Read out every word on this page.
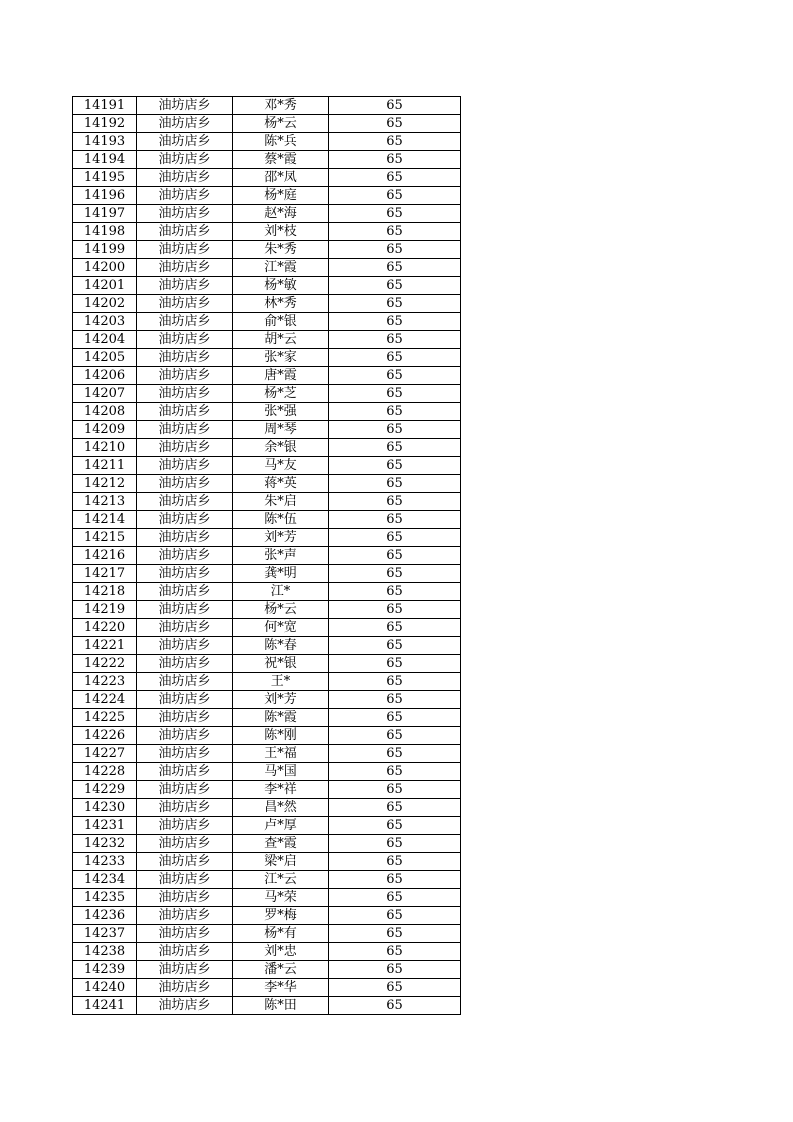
14191	油坊店乡	邓*秀	65
14192	油坊店乡	杨*云	65
14193	油坊店乡	陈*兵	65
14194	油坊店乡	蔡*霞	65
14195	油坊店乡	邵*凤	65
14196	油坊店乡	杨*庭	65
14197	油坊店乡	赵*海	65
14198	油坊店乡	刘*枝	65
14199	油坊店乡	朱*秀	65
14200	油坊店乡	江*霞	65
14201	油坊店乡	杨*敏	65
14202	油坊店乡	林*秀	65
14203	油坊店乡	俞*银	65
14204	油坊店乡	胡*云	65
14205	油坊店乡	张*家	65
14206	油坊店乡	唐*霞	65
14207	油坊店乡	杨*芝	65
14208	油坊店乡	张*强	65
14209	油坊店乡	周*琴	65
14210	油坊店乡	余*银	65
14211	油坊店乡	马*友	65
14212	油坊店乡	蒋*英	65
14213	油坊店乡	朱*启	65
14214	油坊店乡	陈*伍	65
14215	油坊店乡	刘*芳	65
14216	油坊店乡	张*声	65
14217	油坊店乡	龚*明	65
14218	油坊店乡	江*	65
14219	油坊店乡	杨*云	65
14220	油坊店乡	何*宽	65
14221	油坊店乡	陈*春	65
14222	油坊店乡	祝*银	65
14223	油坊店乡	王*	65
14224	油坊店乡	刘*芳	65
14225	油坊店乡	陈*霞	65
14226	油坊店乡	陈*刚	65
14227	油坊店乡	王*福	65
14228	油坊店乡	马*国	65
14229	油坊店乡	李*祥	65
14230	油坊店乡	昌*然	65
14231	油坊店乡	卢*厚	65
14232	油坊店乡	查*霞	65
14233	油坊店乡	梁*启	65
14234	油坊店乡	江*云	65
14235	油坊店乡	马*荣	65
14236	油坊店乡	罗*梅	65
14237	油坊店乡	杨*有	65
14238	油坊店乡	刘*忠	65
14239	油坊店乡	潘*云	65
14240	油坊店乡	李*华	65
14241	油坊店乡	陈*田	65
